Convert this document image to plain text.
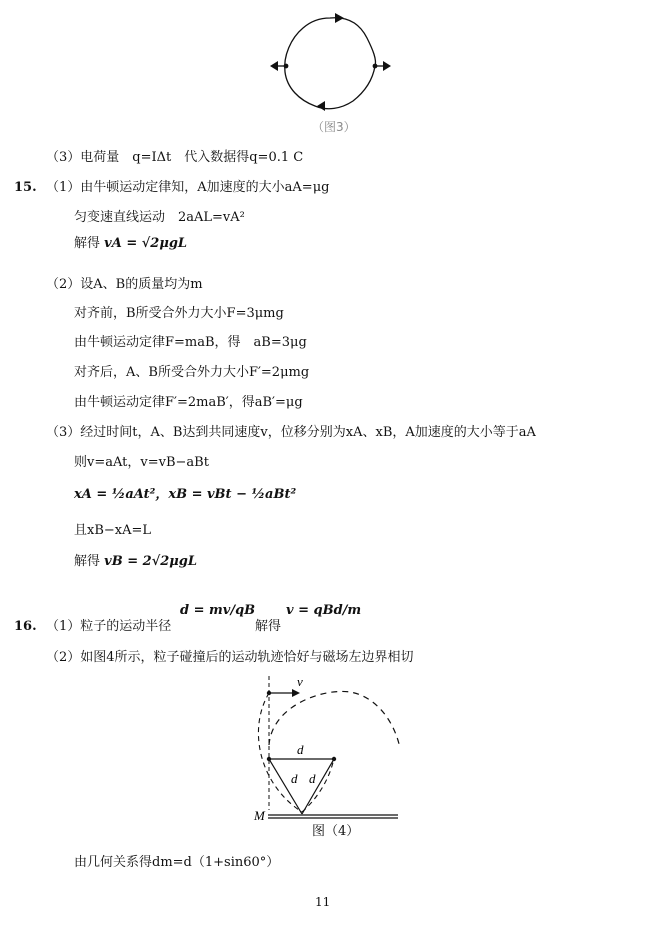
（图3）
（3）电荷量　q=IΔt　代入数据得q=0.1 C
15. （1）由牛顿运动定律知，A加速度的大小aA=μg
匀变速直线运动　2aAL=vA²
解得 vA = √2μgL
（2）设A、B的质量均为m
对齐前，B所受合外力大小F=3μmg
由牛顿运动定律F=maB，得　aB=3μg
对齐后，A、B所受合外力大小F′=2μmg
由牛顿运动定律F′=2maB′，得aB′=μg
（3）经过时间t，A、B达到共同速度v，位移分别为xA、xB，A加速度的大小等于aA
则v=aAt，v=vB−aBt
xA = ½aAt²，xB = vBt − ½aBt²
且xB−xA=L
解得 vB = 2√2μgL
16. （1）粒子的运动半径
d = mv/qB
解得
v = qBd/m
（2）如图4所示，粒子碰撞后的运动轨迹恰好与磁场左边界相切
v
d
d d
M
图（4）
由几何关系得dm=d（1+sin60°）
11
